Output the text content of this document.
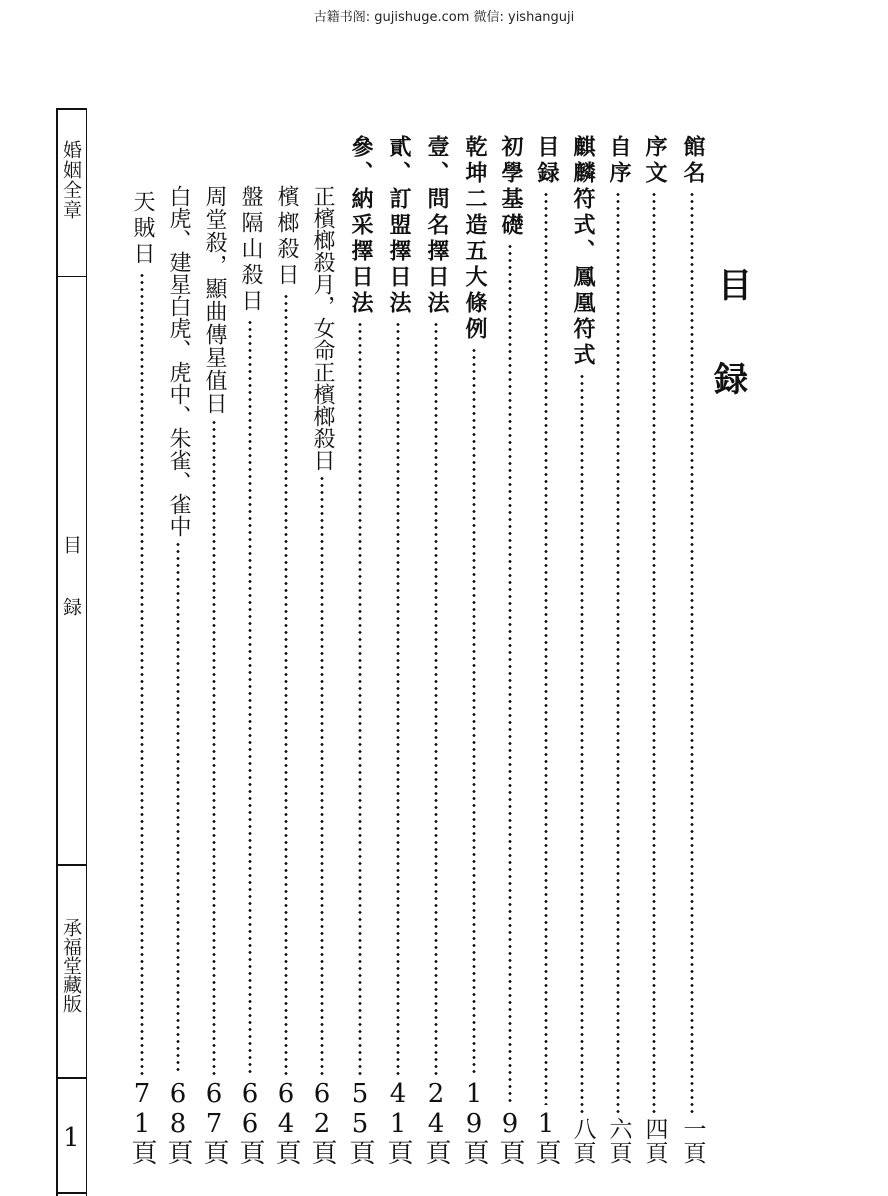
古籍书阁: gujishuge.com 微信: yishanguji
婚姻全章
目
録
承福堂藏版
1
目
録
館名
一頁
序文
四頁
自序
六頁
麒麟符式、鳳凰符式
八頁
目録
1頁
初學基礎
9頁
乾坤二造五大條例
19頁
壹、問名擇日法
24頁
貳、訂盟擇日法
41頁
參、納采擇日法
55頁
正檳榔殺月，女命正檳榔殺日
62頁
檳榔殺日
64頁
盤隔山殺日
66頁
周堂殺，顯曲傳星值日
67頁
白虎、建星白虎、虎中、朱雀、雀中
68頁
天賊日
71頁
